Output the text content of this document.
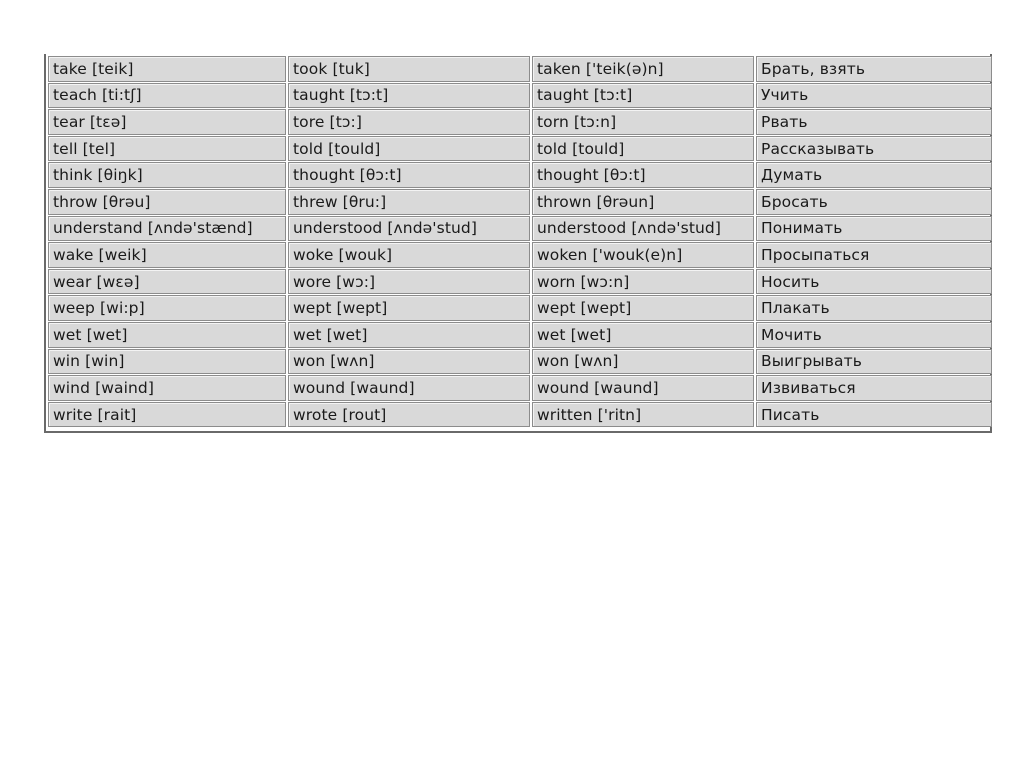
take [teik]	took [tuk]	taken ['teik(ə)n]	Брать, взять
teach [ti:tʃ]	taught [tɔ:t]	taught [tɔ:t]	Учить
tear [tεə]	tore [tɔ:]	torn [tɔ:n]	Рвать
tell [tel]	told [tould]	told [tould]	Рассказывать
think [θiŋk]	thought [θɔ:t]	thought [θɔ:t]	Думать
throw [θrəu]	threw [θru:]	thrown [θrəun]	Бросать
understand [ʌndə'stænd]	understood [ʌndə'stud]	understood [ʌndə'stud]	Понимать
wake [weik]	woke [wouk]	woken ['wouk(e)n]	Просыпаться
wear [wεə]	wore [wɔ:]	worn [wɔ:n]	Носить
weep [wi:p]	wept [wept]	wept [wept]	Плакать
wet [wet]	wet [wet]	wet [wet]	Мочить
win [win]	won [wʌn]	won [wʌn]	Выигрывать
wind [waind]	wound [waund]	wound [waund]	Извиваться
write [rait]	wrote [rout]	written ['ritn]	Писать
